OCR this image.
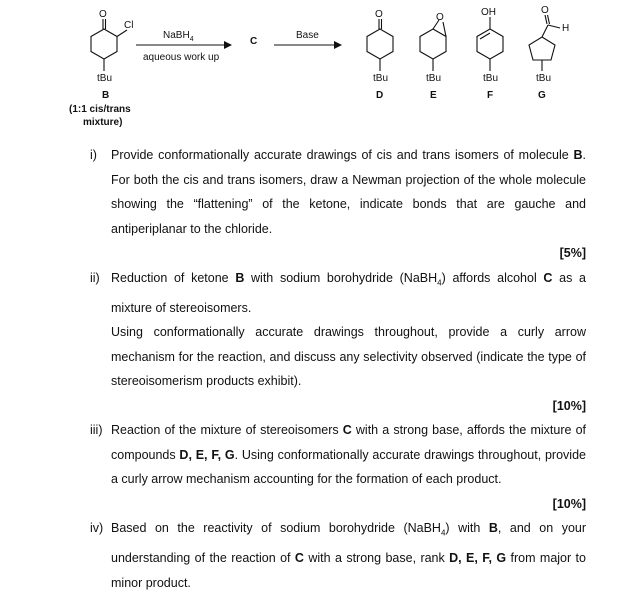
O
Cl
tBu
B
(1:1 cis/trans
mixture)
NaBH$_4$
aqueous work up
C
Base
O
tBu
D
O
tBu
E
OH
tBu
F
O
H
tBu
G
i) Provide conformationally accurate drawings of cis and trans isomers of molecule B. For both the cis and trans isomers, draw a Newman projection of the whole molecule showing the “flattening” of the ketone, indicate bonds that are gauche and antiperiplanar to the chloride.
[5%]
ii) Reduction of ketone B with sodium borohydride (NaBH$_4$) affords alcohol C as a mixture of stereoisomers.

Using conformationally accurate drawings throughout, provide a curly arrow mechanism for the reaction, and discuss any selectivity observed (indicate the type of stereoisomerism products exhibit).

[10%]
iii) Reaction of the mixture of stereoisomers C with a strong base, affords the mixture of compounds D, E, F, G. Using conformationally accurate drawings throughout, provide a curly arrow mechanism accounting for the formation of each product.
[10%]
iv) Based on the reactivity of sodium borohydride (NaBH$_4$) with B, and on your understanding of the reaction of C with a strong base, rank D, E, F, G from major to minor product.
